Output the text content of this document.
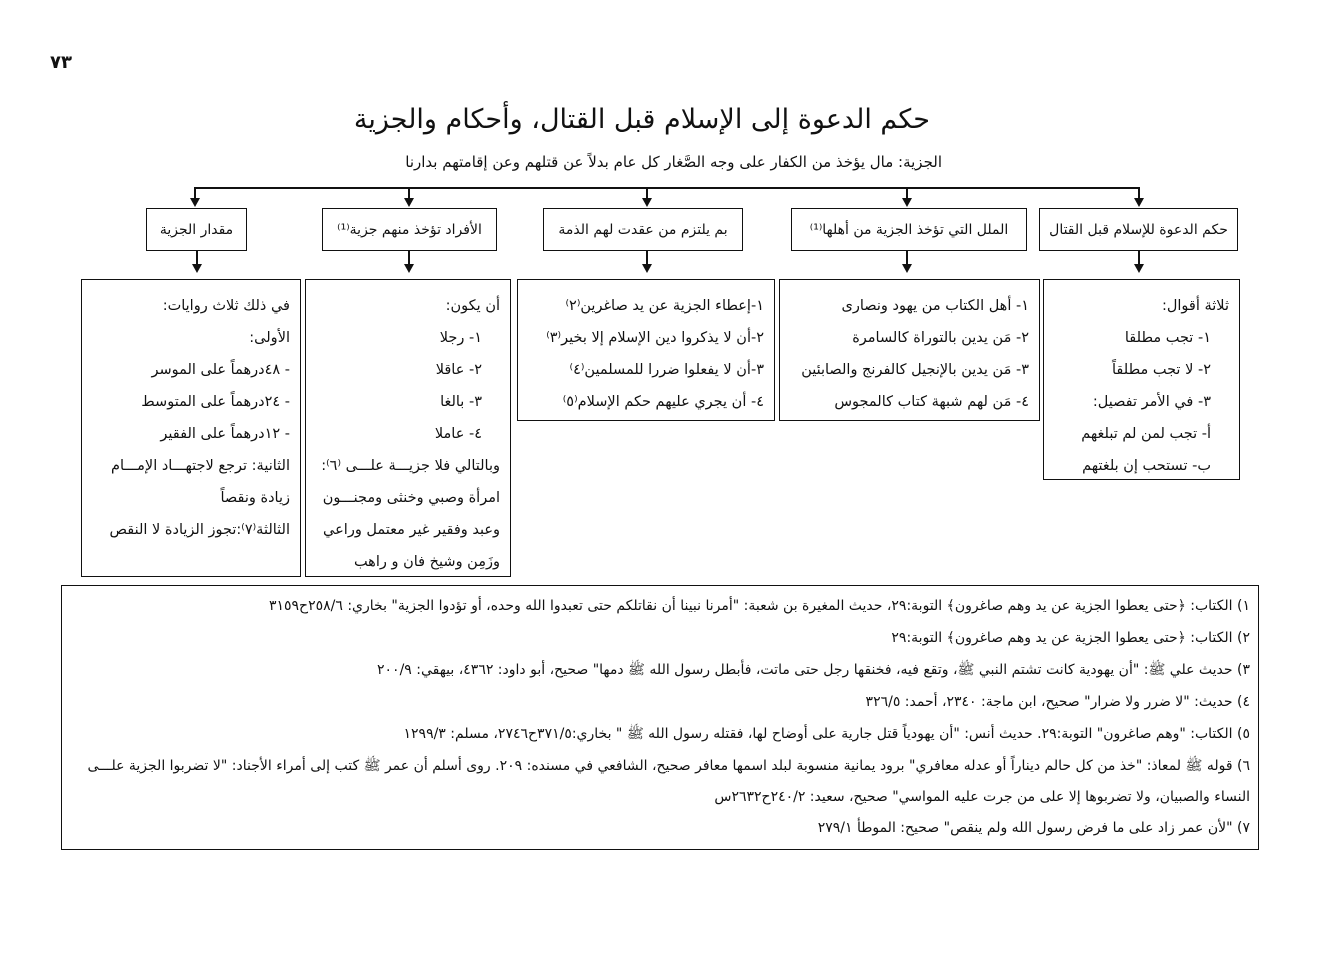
٧٣
حكم الدعوة إلى الإسلام قبل القتال، وأحكام والجزية
الجزية: مال يؤخذ من الكفار على وجه الصَّغار كل عام بدلاً عن قتلهم وعن إقامتهم بدارنا
حكم الدعوة للإسلام قبل القتال
الملل التي تؤخذ الجزية من أهلها⁽¹⁾
بم يلتزم من عقدت لهم الذمة
الأفراد تؤخذ منهم جزية⁽¹⁾
مقدار الجزية
ثلاثة أقوال:
١- تجب مطلقا
٢- لا تجب مطلقاً
٣- في الأمر تفصيل:
أ- تجب لمن لم تبلغهم
ب- تستحب إن بلغتهم
١- أهل الكتاب من يهود ونصارى
٢- مَن يدين بالتوراة كالسامرة
٣- مَن يدين بالإنجيل كالفرنج والصابئين
٤- مَن لهم شبهة كتاب كالمجوس
١-إعطاء الجزية عن يد صاغرين⁽٢⁾
٢-أن لا يذكروا دين الإسلام إلا بخير⁽٣⁾
٣-أن لا يفعلوا ضررا للمسلمين⁽٤⁾
٤- أن يجري عليهم حكم الإسلام⁽٥⁾
أن يكون:
١- رجلا
٢- عاقلا
٣- بالغا
٤- عاملا
وبالتالي فلا جزيـــة علـــى ⁽٦⁾:
امرأة وصبي وخنثى ومجنـــون
وعبد وفقير غير معتمل وراعي
وزَمِن وشيخ فان و راهب
في ذلك ثلاث روايات:
الأولى:
- ٤٨درهماً على الموسر
- ٢٤درهماً على المتوسط
- ١٢درهماً على الفقير
الثانية: ترجع لاجتهـــاد الإمـــام
زيادة ونقصاً
الثالثة⁽٧⁾:تجوز الزيادة لا النقص
١) الكتاب: ﴿حتى يعطوا الجزية عن يد وهم صاغرون﴾ التوبة:٢٩، حديث المغيرة بن شعبة: "أمرنا نبينا أن نقاتلكم حتى تعبدوا الله وحده، أو تؤدوا الجزية" بخاري: ٢٥٨/٦ح٣١٥٩
٢) الكتاب: ﴿حتى يعطوا الجزية عن يد وهم صاغرون﴾ التوبة:٢٩
٣) حديث علي ﷺ: "أن يهودية كانت تشتم النبي ﷺ، وتقع فيه، فخنقها رجل حتى ماتت، فأبطل رسول الله ﷺ دمها" صحيح، أبو داود: ٤٣٦٢، بيهقي: ٢٠٠/٩
٤) حديث: "لا ضرر ولا ضرار" صحيح، ابن ماجة: ٢٣٤٠، أحمد: ٣٢٦/٥
٥) الكتاب: "وهم صاغرون" التوبة:٢٩. حديث أنس: "أن يهودياً قتل جارية على أوضاح لها، فقتله رسول الله ﷺ " بخاري:٣٧١/٥ح٢٧٤٦، مسلم: ١٢٩٩/٣
٦) قوله ﷺ لمعاذ: "خذ من كل حالم ديناراً أو عدله معافري" برود يمانية منسوبة لبلد اسمها معافر صحيح، الشافعي في مسنده: ٢٠٩. روى أسلم أن عمر ﷺ كتب إلى أمراء الأجناد: "لا تضربوا الجزية علـــى
النساء والصبيان، ولا تضربوها إلا على من جرت عليه المواسي" صحيح، سعيد: ٢٤٠/٢ح٢٦٣٢س
٧) "لأن عمر زاد على ما فرض رسول الله ولم ينقص" صحيح: الموطأ ٢٧٩/١
